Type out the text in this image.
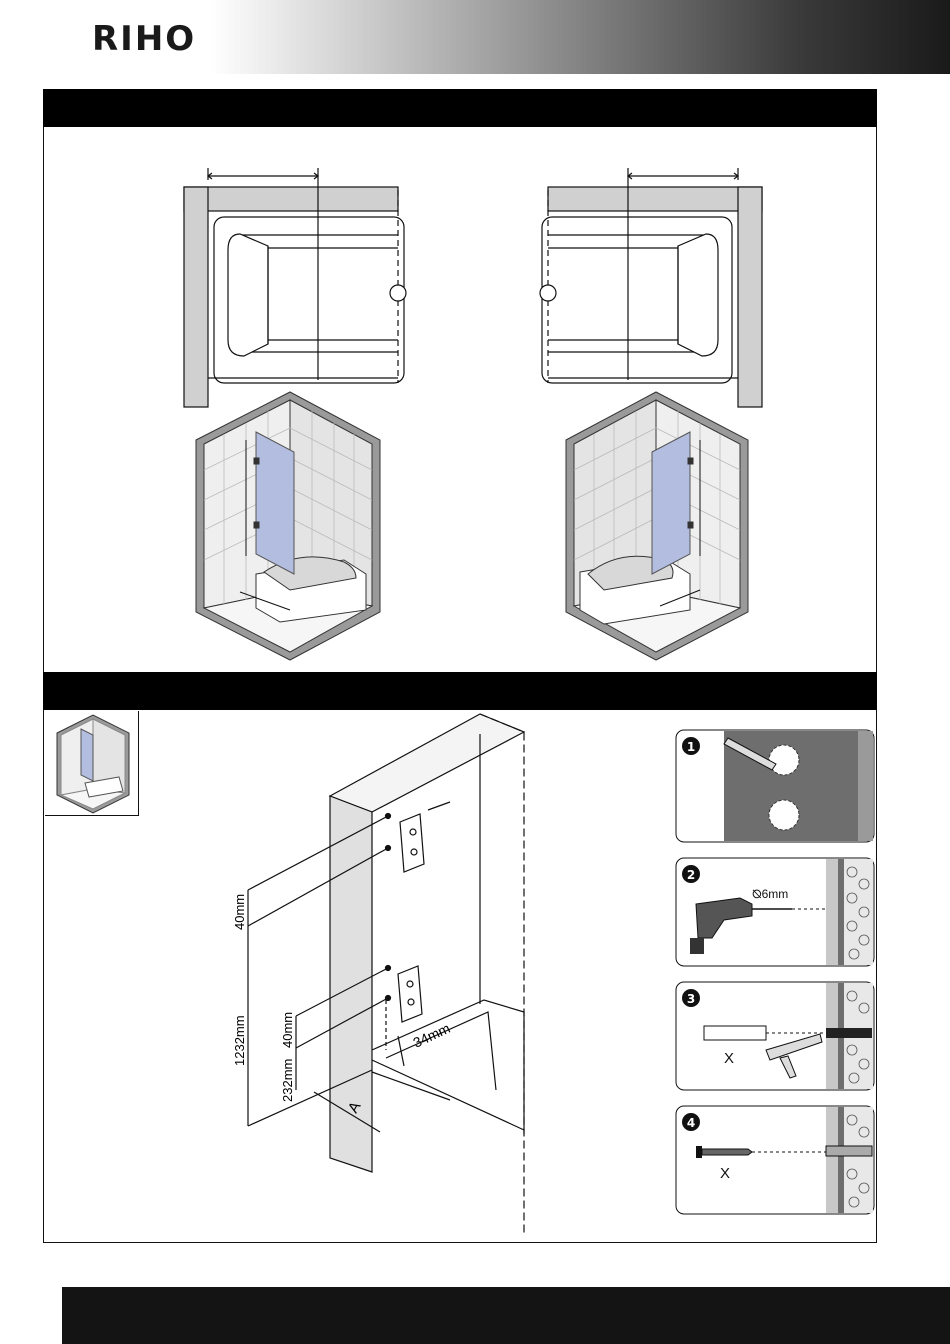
RIHO
40mm
1232mm	40mm
232mm
34mm
A
1
⦰6mm
2
X
3
X
4
